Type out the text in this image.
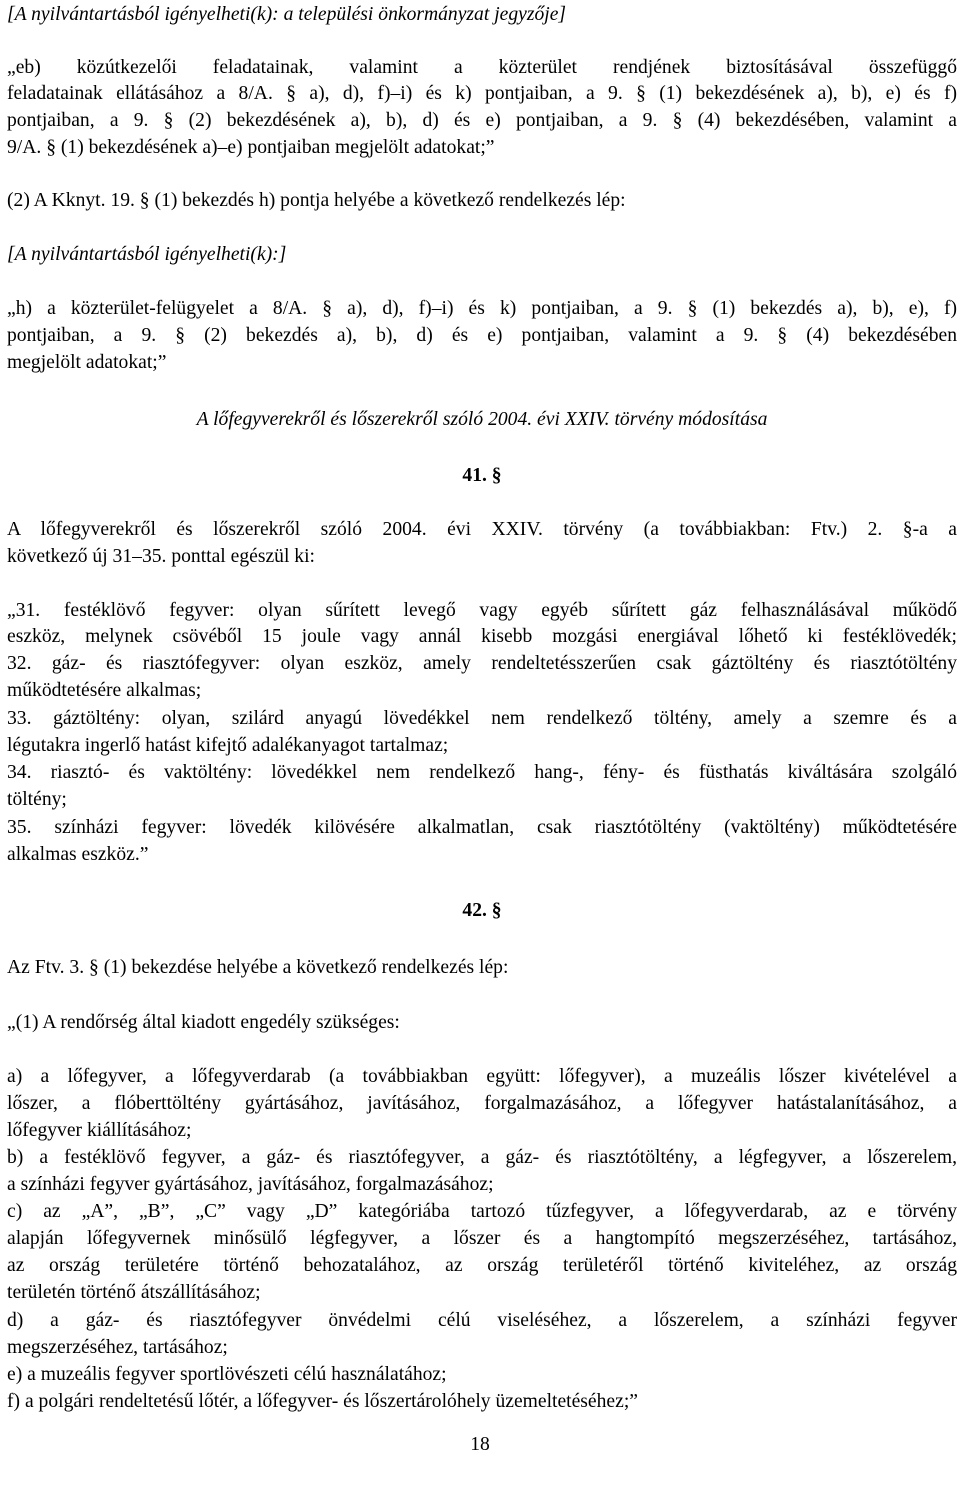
[A nyilvántartásból igényelheti(k): a települési önkormányzat jegyzője]
„eb) közútkezelői feladatainak, valamint a közterület rendjének biztosításával összefüggő
feladatainak ellátásához a 8/A. § a), d), f)–i) és k) pontjaiban, a 9. § (1) bekezdésének a), b), e) és f)
pontjaiban, a 9. § (2) bekezdésének a), b), d) és e) pontjaiban, a 9. § (4) bekezdésében, valamint a
9/A. § (1) bekezdésének a)–e) pontjaiban megjelölt adatokat;”
(2) A Kknyt. 19. § (1) bekezdés h) pontja helyébe a következő rendelkezés lép:
[A nyilvántartásból igényelheti(k):]
„h) a közterület-felügyelet a 8/A. § a), d), f)–i) és k) pontjaiban, a 9. § (1) bekezdés a), b), e), f)
pontjaiban, a 9. § (2) bekezdés a), b), d) és e) pontjaiban, valamint a 9. § (4) bekezdésében
megjelölt adatokat;”
A lőfegyverekről és lőszerekről szóló 2004. évi XXIV. törvény módosítása
41. §
A lőfegyverekről és lőszerekről szóló 2004. évi XXIV. törvény (a továbbiakban: Ftv.) 2. §-a a
következő új 31–35. ponttal egészül ki:
„31. festéklövő fegyver: olyan sűrített levegő vagy egyéb sűrített gáz felhasználásával működő
eszköz, melynek csövéből 15 joule vagy annál kisebb mozgási energiával lőhető ki festéklövedék;
32. gáz- és riasztófegyver: olyan eszköz, amely rendeltetésszerűen csak gáztöltény és riasztótöltény
működtetésére alkalmas;
33. gáztöltény: olyan, szilárd anyagú lövedékkel nem rendelkező töltény, amely a szemre és a
légutakra ingerlő hatást kifejtő adalékanyagot tartalmaz;
34. riasztó- és vaktöltény: lövedékkel nem rendelkező hang-, fény- és füsthatás kiváltására szolgáló
töltény;
35. színházi fegyver: lövedék kilövésére alkalmatlan, csak riasztótöltény (vaktöltény) működtetésére
alkalmas eszköz.”
42. §
Az Ftv. 3. § (1) bekezdése helyébe a következő rendelkezés lép:
„(1) A rendőrség által kiadott engedély szükséges:
a) a lőfegyver, a lőfegyverdarab (a továbbiakban együtt: lőfegyver), a muzeális lőszer kivételével a
lőszer, a flóberttöltény gyártásához, javításához, forgalmazásához, a lőfegyver hatástalanításához, a
lőfegyver kiállításához;
b) a festéklövő fegyver, a gáz- és riasztófegyver, a gáz- és riasztótöltény, a légfegyver, a lőszerelem,
a színházi fegyver gyártásához, javításához, forgalmazásához;
c) az „A”, „B”, „C” vagy „D” kategóriába tartozó tűzfegyver, a lőfegyverdarab, az e törvény
alapján lőfegyvernek minősülő légfegyver, a lőszer és a hangtompító megszerzéséhez, tartásához,
az ország területére történő behozatalához, az ország területéről történő kiviteléhez, az ország
területén történő átszállításához;
d) a gáz- és riasztófegyver önvédelmi célú viseléséhez, a lőszerelem, a színházi fegyver
megszerzéséhez, tartásához;
e) a muzeális fegyver sportlövészeti célú használatához;
f) a polgári rendeltetésű lőtér, a lőfegyver- és lőszertárolóhely üzemeltetéséhez;”
18
